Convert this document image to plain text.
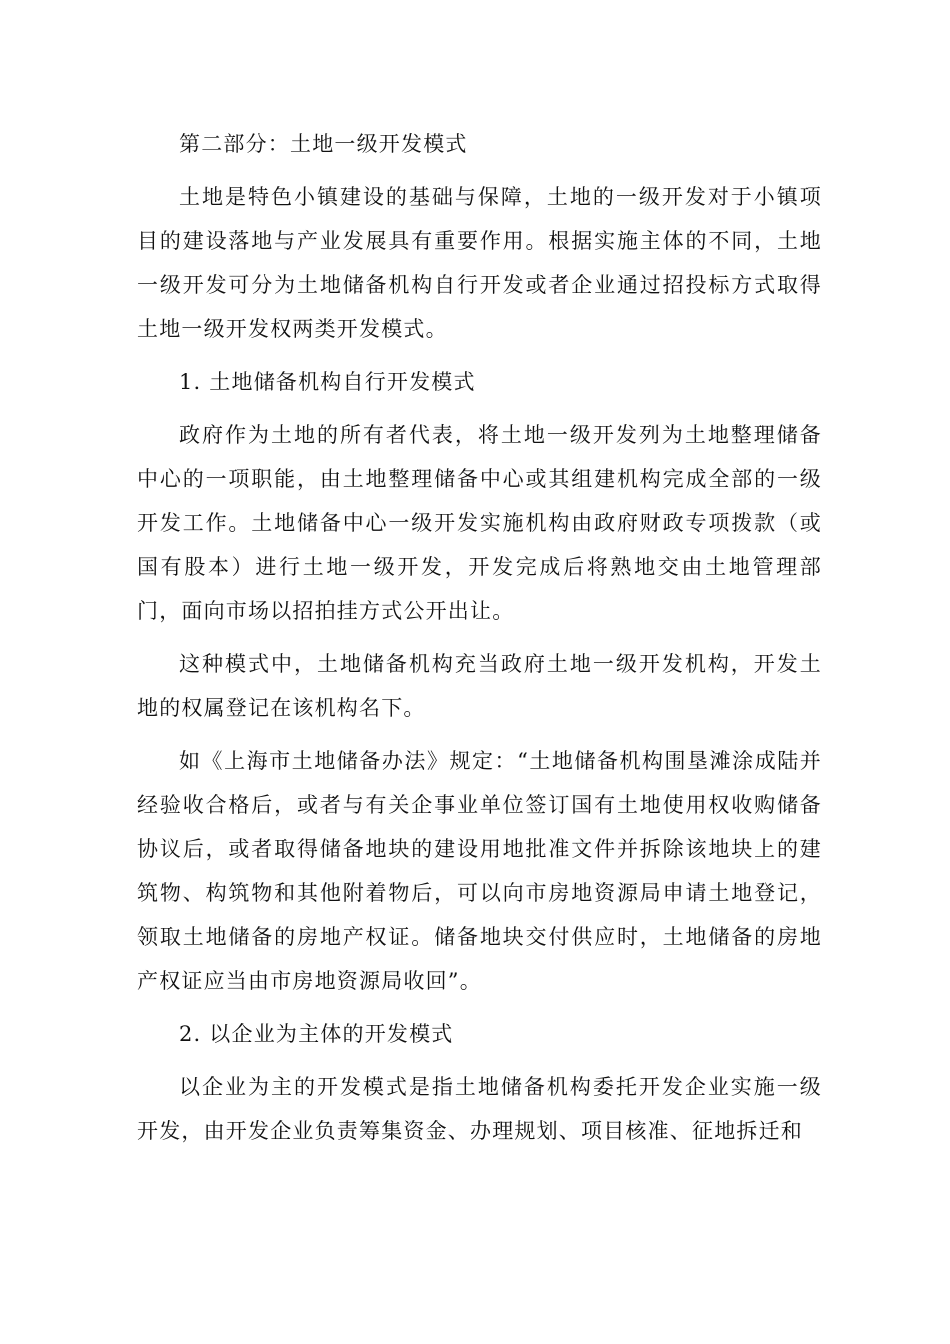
第二部分：土地一级开发模式

土地是特色小镇建设的基础与保障，土地的一级开发对于小镇项目的建设落地与产业发展具有重要作用。根据实施主体的不同，土地一级开发可分为土地储备机构自行开发或者企业通过招投标方式取得土地一级开发权两类开发模式。

1. 土地储备机构自行开发模式

政府作为土地的所有者代表，将土地一级开发列为土地整理储备中心的一项职能，由土地整理储备中心或其组建机构完成全部的一级开发工作。土地储备中心一级开发实施机构由政府财政专项拨款（或国有股本）进行土地一级开发，开发完成后将熟地交由土地管理部门，面向市场以招拍挂方式公开出让。

这种模式中，土地储备机构充当政府土地一级开发机构，开发土地的权属登记在该机构名下。

如《上海市土地储备办法》规定：“土地储备机构围垦滩涂成陆并经验收合格后，或者与有关企事业单位签订国有土地使用权收购储备协议后，或者取得储备地块的建设用地批准文件并拆除该地块上的建筑物、构筑物和其他附着物后，可以向市房地资源局申请土地登记，领取土地储备的房地产权证。储备地块交付供应时，土地储备的房地产权证应当由市房地资源局收回”。

2. 以企业为主体的开发模式

以企业为主的开发模式是指土地储备机构委托开发企业实施一级开发，由开发企业负责筹集资金、办理规划、项目核准、征地拆迁和
